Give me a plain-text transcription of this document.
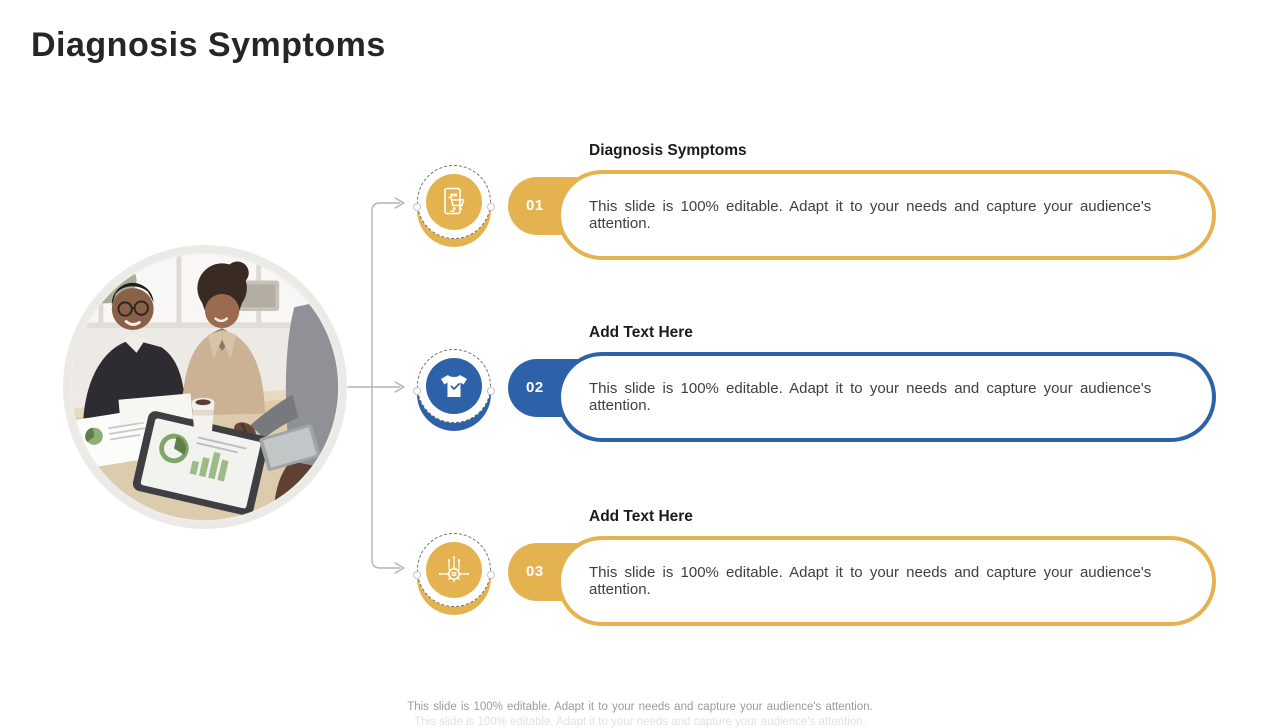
Diagnosis Symptoms
Diagnosis Symptoms
01	This slide is 100% editable. Adapt it to your needs and capture your audience's attention.
Add Text Here
02	This slide is 100% editable. Adapt it to your needs and capture your audience's attention.
Add Text Here
03	This slide is 100% editable. Adapt it to your needs and capture your audience's attention.
This slide is 100% editable. Adapt it to your needs and capture your audience's attention.
This slide is 100% editable. Adapt it to your needs and capture your audience's attention.
